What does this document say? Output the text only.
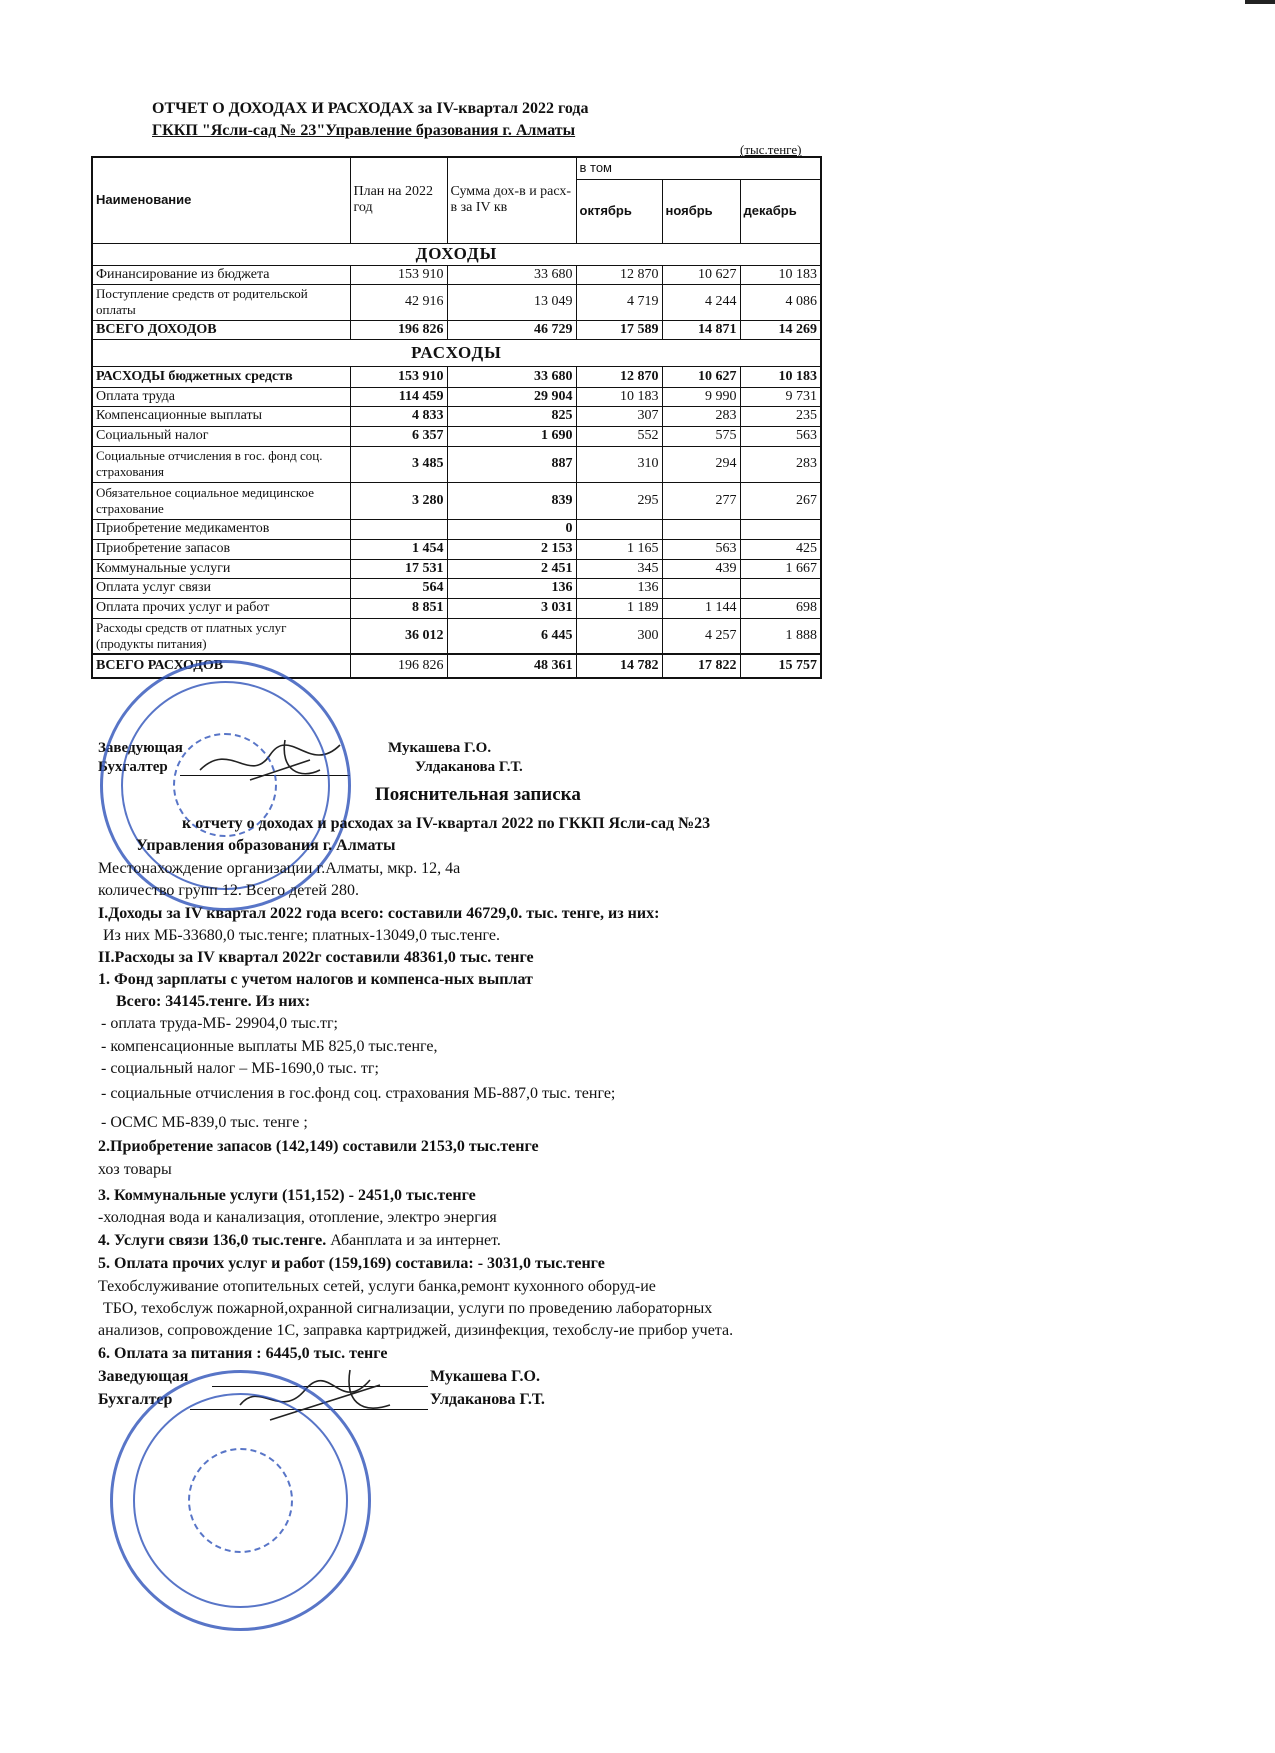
ОТЧЕТ О ДОХОДАХ И РАСХОДАХ за IV-квартал 2022 года
ГККП "Ясли-сад № 23"Управление бразования г. Алматы
(тыс.тенге)
Наименование	План на 2022 год	Сумма дох-в и расх-в за IV кв	в том		
			октябрь	ноябрь	декабрь
ДОХОДЫ					
Финансирование из бюджета	153 910	33 680	12 870	10 627	10 183
Поступление средств от родительской оплаты	42 916	13 049	4 719	4 244	4 086
ВСЕГО ДОХОДОВ	196 826	46 729	17 589	14 871	14 269
РАСХОДЫ					
РАСХОДЫ бюджетных средств	153 910	33 680	12 870	10 627	10 183
Оплата труда	114 459	29 904	10 183	9 990	9 731
Компенсационные выплаты	4 833	825	307	283	235
Социальный налог	6 357	1 690	552	575	563
Социальные отчисления в гос. фонд соц. страхования	3 485	887	310	294	283
Обязательное социальное медицинское страхование	3 280	839	295	277	267
Приобретение медикаментов		0			
Приобретение запасов	1 454	2 153	1 165	563	425
Коммунальные услуги	17 531	2 451	345	439	1 667
Оплата услуг связи	564	136	136		
Оплата прочих услуг и работ	8 851	3 031	1 189	1 144	698
Расходы средств от платных услуг (продукты питания)	36 012	6 445	300	4 257	1 888
ВСЕГО РАСХОДОВ	196 826	48 361	14 782	17 822	15 757
Заведующая	Мукашева Г.О.
Бухгалтер	Улдаканова Г.Т.
Пояснительная записка
к отчету о доходах и расходах за IV-квартал 2022 по ГККП Ясли-сад №23
Управления образования г. Алматы
Местонахождение организации г.Алматы, мкр. 12, 4а
количество групп 12. Всего детей 280.
I.Доходы за IV квартал 2022 года всего: составили 46729,0. тыс. тенге, из них:
Из них МБ-33680,0 тыс.тенге; платных-13049,0 тыс.тенге.
II.Расходы за IV квартал 2022г составили 48361,0 тыс. тенге
1. Фонд зарплаты с учетом налогов и компенса-ных выплат
Всего: 34145.тенге. Из них:
- оплата труда-МБ- 29904,0 тыс.тг;
- компенсационные выплаты МБ 825,0 тыс.тенге,
- социальный налог – МБ-1690,0 тыс. тг;
- социальные отчисления в гос.фонд соц. страхования МБ-887,0 тыс. тенге;
- ОСМС МБ-839,0 тыс. тенге ;
2.Приобретение запасов (142,149) составили 2153,0 тыс.тенге
хоз товары
3. Коммунальные услуги (151,152) - 2451,0 тыс.тенге
-холодная вода и канализация, отопление, электро энергия
4. Услуги связи 136,0 тыс.тенге. Абанплата и за интернет.
5. Оплата прочих услуг и работ (159,169) составила: - 3031,0 тыс.тенге
Техобслуживание отопительных сетей, услуги банка,ремонт кухонного оборуд-ие
ТБО, техобслуж пожарной,охранной сигнализации, услуги по проведению лабораторных
анализов, сопровождение 1С, заправка картриджей, дизинфекция, техобслу-ие прибор учета.
6. Оплата за питания : 6445,0 тыс. тенге
Заведующая	Мукашева Г.О.
Бухгалтер	Улдаканова Г.Т.
